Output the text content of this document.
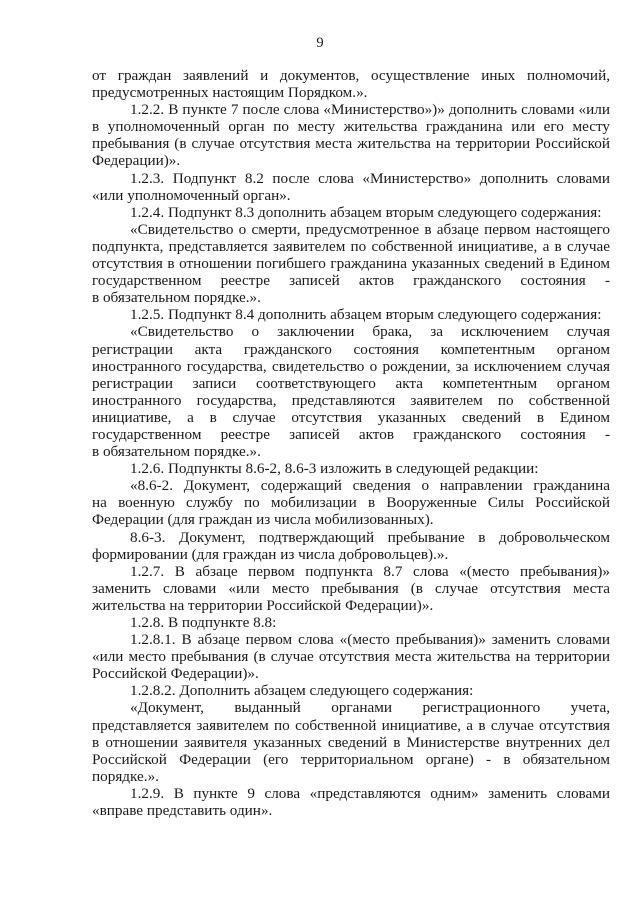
9
от граждан заявлений и документов, осуществление иных полномочий,
предусмотренных настоящим Порядком.».
1.2.2. В пункте 7 после слова «Министерство»)» дополнить словами «или
в уполномоченный орган по месту жительства гражданина или его месту
пребывания (в случае отсутствия места жительства на территории Российской
Федерации)».
1.2.3. Подпункт 8.2 после слова «Министерство» дополнить словами
«или уполномоченный орган».
1.2.4. Подпункт 8.3 дополнить абзацем вторым следующего содержания:
«Свидетельство о смерти, предусмотренное в абзаце первом настоящего
подпункта, представляется заявителем по собственной инициативе, а в случае
отсутствия в отношении погибшего гражданина указанных сведений в Едином
государственном реестре записей актов гражданского состояния -
в обязательном порядке.».
1.2.5. Подпункт 8.4 дополнить абзацем вторым следующего содержания:
«Свидетельство о заключении брака, за исключением случая
регистрации акта гражданского состояния компетентным органом
иностранного государства, свидетельство о рождении, за исключением случая
регистрации записи соответствующего акта компетентным органом
иностранного государства, представляются заявителем по собственной
инициативе, а в случае отсутствия указанных сведений в Едином
государственном реестре записей актов гражданского состояния -
в обязательном порядке.».
1.2.6. Подпункты 8.6-2, 8.6-3 изложить в следующей редакции:
«8.6-2. Документ, содержащий сведения о направлении гражданина
на военную службу по мобилизации в Вооруженные Силы Российской
Федерации (для граждан из числа мобилизованных).
8.6-3. Документ, подтверждающий пребывание в добровольческом
формировании (для граждан из числа добровольцев).».
1.2.7. В абзаце первом подпункта 8.7 слова «(место пребывания)»
заменить словами «или место пребывания (в случае отсутствия места
жительства на территории Российской Федерации)».
1.2.8. В подпункте 8.8:
1.2.8.1. В абзаце первом слова «(место пребывания)» заменить словами
«или место пребывания (в случае отсутствия места жительства на территории
Российской Федерации)».
1.2.8.2. Дополнить абзацем следующего содержания:
«Документ, выданный органами регистрационного учета,
представляется заявителем по собственной инициативе, а в случае отсутствия
в отношении заявителя указанных сведений в Министерстве внутренних дел
Российской Федерации (его территориальном органе) - в обязательном
порядке.».
1.2.9. В пункте 9 слова «представляются одним» заменить словами
«вправе представить один».
